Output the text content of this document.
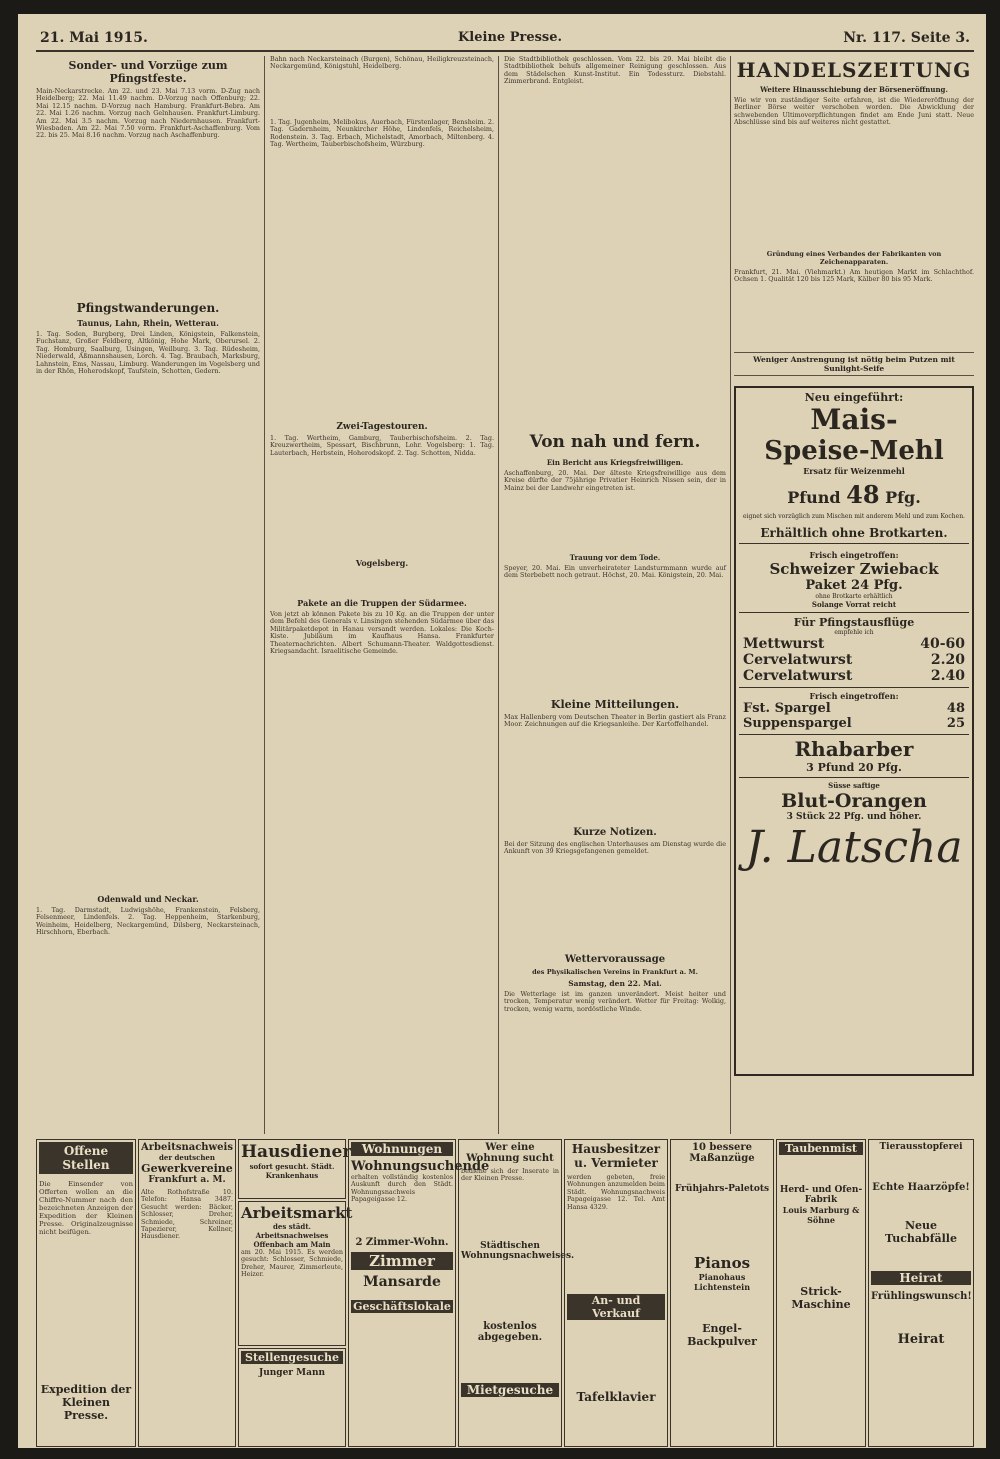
21. Mai 1915.	Kleine Presse.	Nr. 117. Seite 3.
Sonder- und Vorzüge zum Pfingstfeste.

Main-Neckarstrecke. Am 22. und 23. Mai 7.13 vorm. D-Zug nach Heidelberg; 22. Mai 11.49 nachm. D-Vorzug nach Offenburg; 22. Mai 12.15 nachm. D-Vorzug nach Hamburg. Frankfurt-Bebra. Am 22. Mai 1.26 nachm. Vorzug nach Gelnhausen. Frankfurt-Limburg. Am 22. Mai 3.5 nachm. Vorzug nach Niedernhausen. Frankfurt-Wiesbaden. Am 22. Mai 7.50 vorm. Frankfurt-Aschaffenburg. Vom 22. bis 25. Mai 8.16 nachm. Vorzug nach Aschaffenburg.

Pfingstwanderungen.
Taunus, Lahn, Rhein, Wetterau.

1. Tag. Soden, Burgberg, Drei Linden, Königstein, Falkenstein, Fuchstanz, Großer Feldberg, Altkönig, Hohe Mark, Oberursel. 2. Tag. Homburg, Saalburg, Usingen, Weilburg. 3. Tag. Rüdesheim, Niederwald, Aßmannshausen, Lorch. 4. Tag. Braubach, Marksburg, Lahnstein, Ems, Nassau, Limburg. Wanderungen im Vogelsberg und in der Rhön, Hoherodskopf, Taufstein, Schotten, Gedern.

Odenwald und Neckar.

1. Tag. Darmstadt, Ludwigshöhe, Frankenstein, Felsberg, Felsenmeer, Lindenfels. 2. Tag. Heppenheim, Starkenburg, Weinheim, Heidelberg, Neckargemünd, Dilsberg, Neckarsteinach, Hirschhorn, Eberbach.

Bahn nach Neckarsteinach (Burgen), Schönau, Heiligkreuzsteinach, Neckargemünd, Königstuhl, Heidelberg.

1. Tag. Jugenheim, Melibokus, Auerbach, Fürstenlager, Bensheim. 2. Tag. Gadernheim, Neunkircher Höhe, Lindenfels, Reichelsheim, Rodenstein. 3. Tag. Erbach, Michelstadt, Amorbach, Miltenberg. 4. Tag. Wertheim, Tauberbischofsheim, Würzburg.

Zwei-Tagestouren.

1. Tag. Wertheim, Gamburg, Tauberbischofsheim. 2. Tag. Kreuzwertheim, Spessart, Bischbrunn, Lohr. Vogelsberg: 1. Tag. Lauterbach, Herbstein, Hoherodskopf. 2. Tag. Schotten, Nidda.

Vogelsberg.
Pakete an die Truppen der Südarmee.

Von jetzt ab können Pakete bis zu 10 Kg. an die Truppen der unter dem Befehl des Generals v. Linsingen stehenden Südarmee über das Militärpaketdepot in Hanau versandt werden. Lokales: Die Koch-Kiste. Jubiläum im Kaufhaus Hansa. Frankfurter Theaternachrichten. Albert Schumann-Theater. Waldgottesdienst. Kriegsandacht. Israelitische Gemeinde.

Die Stadtbibliothek geschlossen. Vom 22. bis 29. Mai bleibt die Stadtbibliothek behufs allgemeiner Reinigung geschlossen. Aus dem Städelschen Kunst-Institut. Ein Todessturz. Diebstahl. Zimmerbrand. Entgleist.

Von nah und fern.
Ein Bericht aus Kriegsfreiwilligen.

Aschaffenburg, 20. Mai. Der älteste Kriegsfreiwillige aus dem Kreise dürfte der 75jährige Privatier Heinrich Nissen sein, der in Mainz bei der Landwehr eingetreten ist.

Trauung vor dem Tode.

Speyer, 20. Mai. Ein unverheirateter Landsturmmann wurde auf dem Sterbebett noch getraut. Höchst, 20. Mai. Königstein, 20. Mai.

Kleine Mitteilungen.

Max Hallenberg vom Deutschen Theater in Berlin gastiert als Franz Moor. Zeichnungen auf die Kriegsanleihe. Der Kartoffelhandel.

Kurze Notizen.

Bei der Sitzung des englischen Unterhauses am Dienstag wurde die Ankunft von 39 Kriegsgefangenen gemeldet.

Wettervoraussage
des Physikalischen Vereins in Frankfurt a. M.
Samstag, den 22. Mai.

Die Wetterlage ist im ganzen unverändert. Meist heiter und trocken, Temperatur wenig verändert. Wetter für Freitag: Wolkig, trocken, wenig warm, nordöstliche Winde.

HANDELSZEITUNG
Weitere Hinausschiebung der Börseneröffnung.

Wie wir von zuständiger Seite erfahren, ist die Wiedereröffnung der Berliner Börse weiter verschoben worden. Die Abwicklung der schwebenden Ultimoverpflichtungen findet am Ende Juni statt. Neue Abschlüsse sind bis auf weiteres nicht gestattet.

Gründung eines Verbandes der Fabrikanten von Zeichenapparaten.

Frankfurt, 21. Mai. (Viehmarkt.) Am heutigen Markt im Schlachthof. Ochsen 1. Qualität 120 bis 125 Mark, Kälber 80 bis 95 Mark.

Weniger Anstrengung ist nötig beim Putzen mit Sunlight-Seife
Neu eingeführt:
Mais-
Speise-Mehl
Ersatz für Weizenmehl
Pfund 48 Pfg.
eignet sich vorzüglich zum Mischen mit anderem Mehl und zum Kochen.
Erhältlich ohne Brotkarten.
Frisch eingetroffen:
Schweizer Zwieback
Paket 24 Pfg.
ohne Brotkarte erhältlich
Solange Vorrat reicht
Für Pfingstausflüge
empfehle ich
Mettwurst	40-60
Cervelatwurst	2.20
Cervelatwurst	2.40
Frisch eingetroffen:
Fst. Spargel	48
Suppenspargel	25
Rhabarber
3 Pfund 20 Pfg.
Süsse saftige
Blut-Orangen
3 Stück 22 Pfg. und höher.
J. Latscha
Offene Stellen

Die Einsender von Offerten wollen an die Chiffre-Nummer nach den bezeichneten Anzeigen der Expedition der Kleinen Presse. Originalzeugnisse nicht beifügen.

Expedition der Kleinen Presse.
Arbeitsnachweis
der deutschen
Gewerkvereine
Frankfurt a. M.

Alte Rothofstraße 10. Telefon: Hansa 3487. Gesucht werden: Bäcker, Schlosser, Dreher, Schmiede, Schreiner, Tapezierer, Kellner, Hausdiener.

Hausdiener
sofort gesucht. Städt. Krankenhaus
Arbeitsmarkt
des städt. Arbeitsnachweises Offenbach am Main

am 20. Mai 1915. Es werden gesucht: Schlosser, Schmiede, Dreher, Maurer, Zimmerleute, Heizer.

Stellengesuche
Junger Mann
Wohnungen
Wohnungsuchende

erhalten vollständig kostenlos Auskunft durch den Städt. Wohnungsnachweis Papageigasse 12.

2 Zimmer-Wohn.
Zimmer
Mansarde
Geschäftslokale
Wer eine Wohnung sucht

bediene sich der Inserate in der Kleinen Presse.

Städtischen Wohnungsnachweises.
kostenlos abgegeben.
Mietgesuche
Hausbesitzer u. Vermieter

werden gebeten, freie Wohnungen anzumelden beim Städt. Wohnungsnachweis Papageigasse 12. Tel. Amt Hansa 4329.

An- und Verkauf
Tafelklavier
10 bessere Maßanzüge
Frühjahrs-Paletots
Pianos
Pianohaus Lichtenstein
Engel-Backpulver
Taubenmist
Herd- und Ofen-Fabrik
Louis Marburg & Söhne
Strick-Maschine
Tierausstopferei
Echte Haarzöpfe!
Neue Tuchabfälle
Heirat
Frühlingswunsch!
Heirat
